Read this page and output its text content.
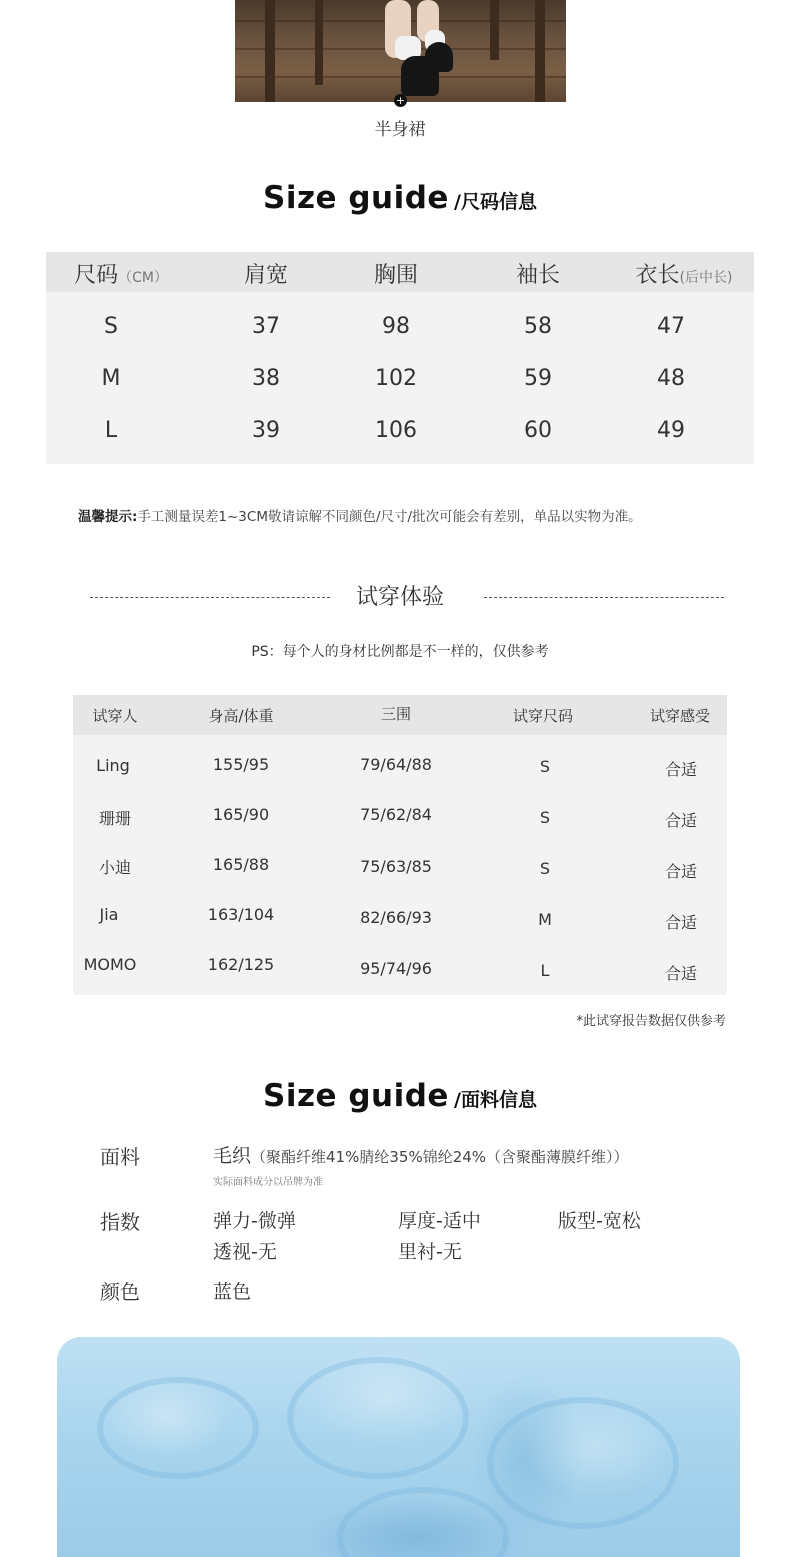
+
半身裙
Size guide /尺码信息
尺码（CM）	肩宽	胸围	袖长	衣长(后中长)
S	37	98	58	47
M	38	102	59	48
L	39	106	60	49
温馨提示:手工测量误差1~3CM敬请谅解不同颜色/尺寸/批次可能会有差别，单品以实物为准。
试穿体验
PS：每个人的身材比例都是不一样的，仅供参考
试穿人	身高/体重	三围	试穿尺码	试穿感受
Ling	155/95	79/64/88	S	合适
珊珊	165/90	75/62/84	S	合适
小迪	165/88	75/63/85	S	合适
Jia	163/104	82/66/93	M	合适
MOMO	162/125	95/74/96	L	合适
*此试穿报告数据仅供参考
Size guide /面料信息
面料	毛织（聚酯纤维41%腈纶35%锦纶24%（含聚酯薄膜纤维））
实际面料成分以吊牌为准
指数	弹力-微弹	厚度-适中	版型-宽松
透视-无	里衬-无
颜色	蓝色
